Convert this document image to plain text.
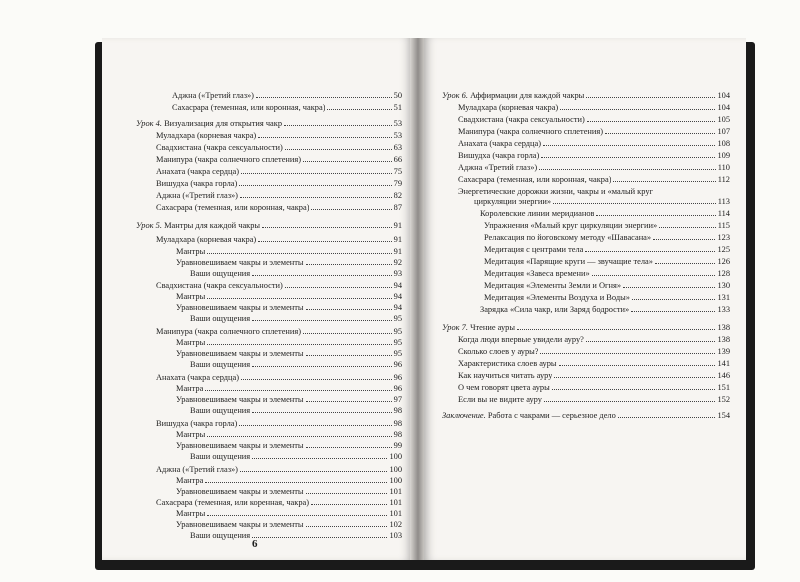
6
Аджна («Третий глаз»)	50
Сахасрара (теменная, или коронная, чакра)	51
Урок 4. Визуализация для открытия чакр	53
Муладхара (корневая чакра)	53
Свадхистана (чакра сексуальности)	63
Манипура (чакра солнечного сплетения)	66
Анахата (чакра сердца)	75
Вишудха (чакра горла)	79
Аджна («Третий глаз»)	82
Сахасрара (теменная, или коронная, чакра)	87
Урок 5. Мантры для каждой чакры	91
Муладхара (корневая чакра)	91
Мантры	91
Уравновешиваем чакры и элементы	92
Ваши ощущения	93
Свадхистана (чакра сексуальности)	94
Мантры	94
Уравновешиваем чакры и элементы	94
Ваши ощущения	95
Манипура (чакра солнечного сплетения)	95
Мантры	95
Уравновешиваем чакры и элементы	95
Ваши ощущения	96
Анахата (чакра сердца)	96
Мантра	96
Уравновешиваем чакры и элементы	97
Ваши ощущения	98
Вишудха (чакра горла)	98
Мантры	98
Уравновешиваем чакры и элементы	99
Ваши ощущения	100
Аджна («Третий глаз»)	100
Мантра	100
Уравновешиваем чакры и элементы	101
Сахасрара (теменная, или коренная, чакра)	101
Мантры	101
Уравновешиваем чакры и элементы	102
Ваши ощущения	103
Урок 6. Аффирмации для каждой чакры	104
Муладхара (корневая чакра)	104
Свадхистана (чакра сексуальности)	105
Манипура (чакра солнечного сплетения)	107
Анахата (чакра сердца)	108
Вишудха (чакра горла)	109
Аджна «Третий глаз»)	110
Сахасрара (теменная, или коронная, чакра)	112
Энергетические дорожки жизни, чакры и «малый круг
циркуляции энергии»	113
Королевские линии меридианов	114
Упражнения «Малый круг циркуляции энергии»	115
Релаксация по йоговскому методу «Шавасана»	123
Медитация с центрами тела	125
Медитация «Парящие круги — звучащие тела»	126
Медитация «Завеса времени»	128
Медитация «Элементы Земли и Огня»	130
Медитация «Элементы Воздуха и Воды»	131
Зарядка «Сила чакр, или Заряд бодрости»	133
Урок 7. Чтение ауры	138
Когда люди впервые увидели ауру?	138
Сколько слоев у ауры?	139
Характеристика слоев ауры	141
Как научиться читать ауру	146
О чем говорят цвета ауры	151
Если вы не видите ауру	152
Заключение. Работа с чакрами — серьезное дело	154
